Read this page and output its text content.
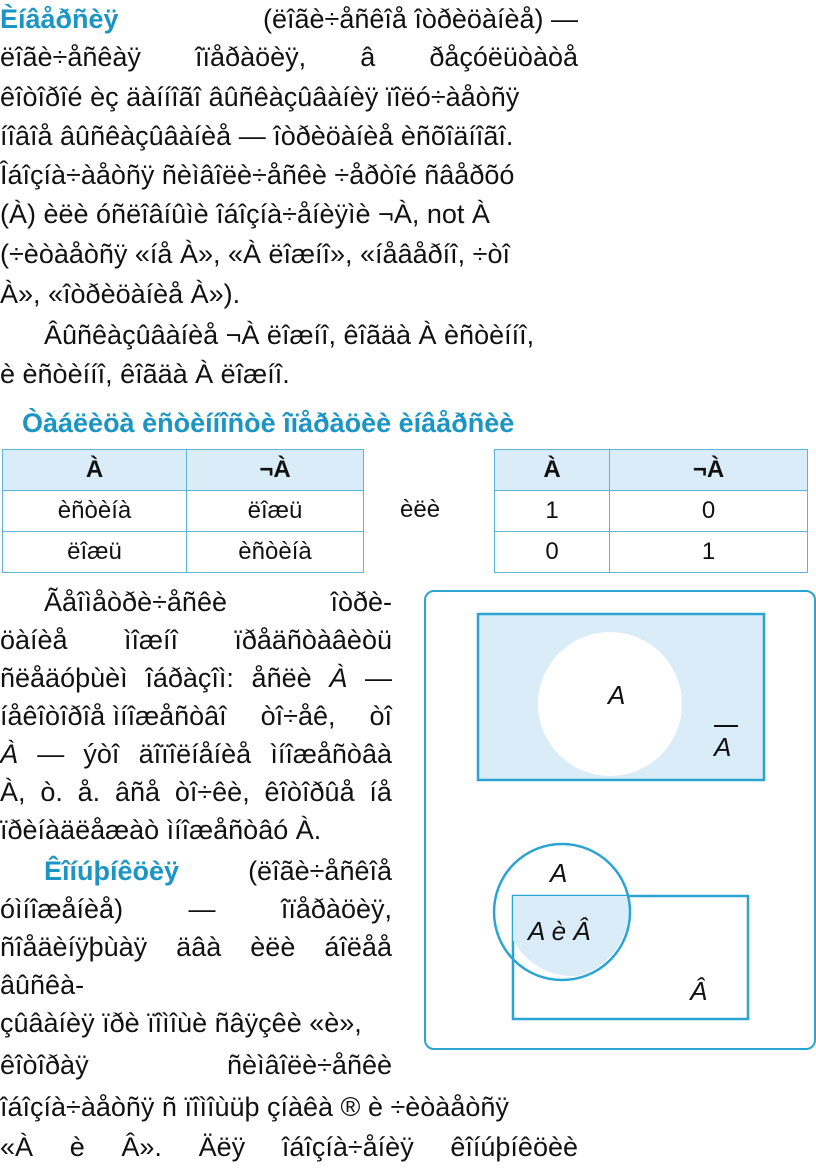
Èíâåðñèÿ	(ëîãè÷åñêîå îòðèöàíèå) —
ëîãè÷åñêàÿ îïåðàöèÿ, â ðåçóëüòàòå
êîòîðîé èç äàííîãî âûñêàçûâàíèÿ ïîëó÷àåòñÿ
íîâîå âûñêàçûâàíèå — îòðèöàíèå èñõîäíîãî.
Îáîçíà÷àåòñÿ ñèìâîëè÷åñêè ÷åðòîé ñâåðõó
(À) èëè óñëîâíûìè îáîçíà÷åíèÿìè ¬À, not À
(÷èòàåòñÿ «íå À», «À ëîæíî», «íåâåðíî, ÷òî
À», «îòðèöàíèå À»).
Âûñêàçûâàíèå ¬À ëîæíî, êîãäà À èñòèííî,
è èñòèííî, êîãäà À ëîæíî.
Òàáëèöà èñòèííîñòè îïåðàöèè èíâåðñèè
À	¬À
èñòèíà	ëîæü
ëîæü	èñòèíà
èëè
À	¬À
1	0
0	1
Ãåîìåòðè÷åñêè	îòðè-
öàíèå ìîæíî ïðåäñòàâèòü
ñëåäóþùèì îáðàçîì: åñëè À —
íåêîòîðîå ìíîæåñòâî òî÷åê, òî
À — ýòî äîïîëíåíèå ìíîæåñòâà
À, ò. å. âñå òî÷êè, êîòîðûå íå
ïðèíàäëåæàò ìíîæåñòâó À.
Êîíúþíêöèÿ	(ëîãè÷åñêîå
óìíîæåíèå) — îïåðàöèÿ,
ñîåäèíÿþùàÿ äâà èëè áîëåå
âûñêà-
çûâàíèÿ ïðè ïîìîùè ñâÿçêè «è»,
êîòîðàÿ	ñèìâîëè÷åñêè
îáîçíà÷àåòñÿ ñ ïîìîùüþ çíàêà ® è ÷èòàåòñÿ
«À è Â». Äëÿ îáîçíà÷åíèÿ êîíúþíêöèè
A
A
A
A è Â
Â
